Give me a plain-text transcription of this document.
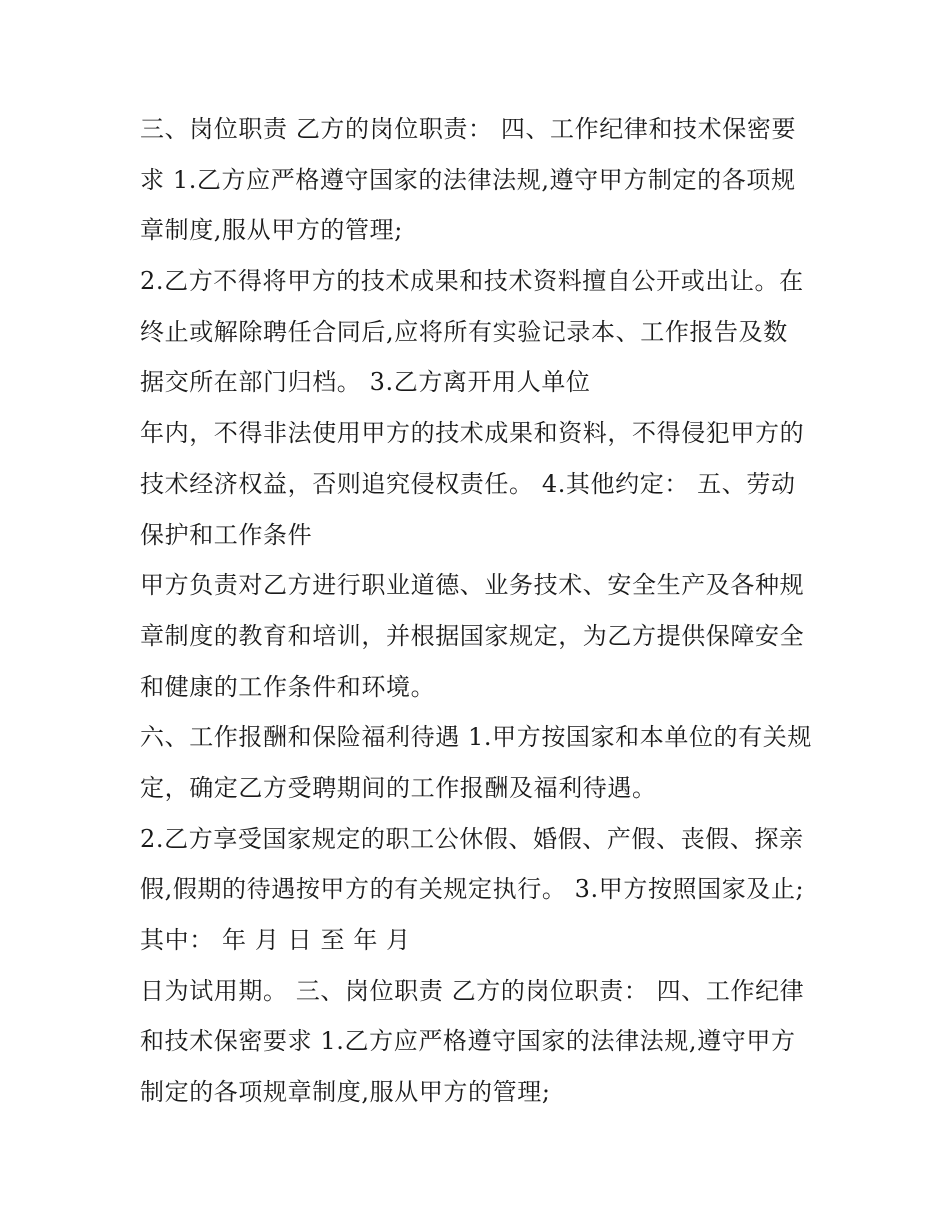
三、岗位职责 乙方的岗位职责： 四、工作纪律和技术保密要
求 1.乙方应严格遵守国家的法律法规,遵守甲方制定的各项规
章制度,服从甲方的管理;
2.乙方不得将甲方的技术成果和技术资料擅自公开或出让。在
终止或解除聘任合同后,应将所有实验记录本、工作报告及数
据交所在部门归档。 3.乙方离开用人单位
年内，不得非法使用甲方的技术成果和资料，不得侵犯甲方的
技术经济权益，否则追究侵权责任。 4.其他约定： 五、劳动
保护和工作条件
甲方负责对乙方进行职业道德、业务技术、安全生产及各种规
章制度的教育和培训，并根据国家规定，为乙方提供保障安全
和健康的工作条件和环境。
六、工作报酬和保险福利待遇 1.甲方按国家和本单位的有关规
定，确定乙方受聘期间的工作报酬及福利待遇。
2.乙方享受国家规定的职工公休假、婚假、产假、丧假、探亲
假,假期的待遇按甲方的有关规定执行。 3.甲方按照国家及止;
其中： 年 月 日 至 年 月
日为试用期。 三、岗位职责 乙方的岗位职责： 四、工作纪律
和技术保密要求 1.乙方应严格遵守国家的法律法规,遵守甲方
制定的各项规章制度,服从甲方的管理;
